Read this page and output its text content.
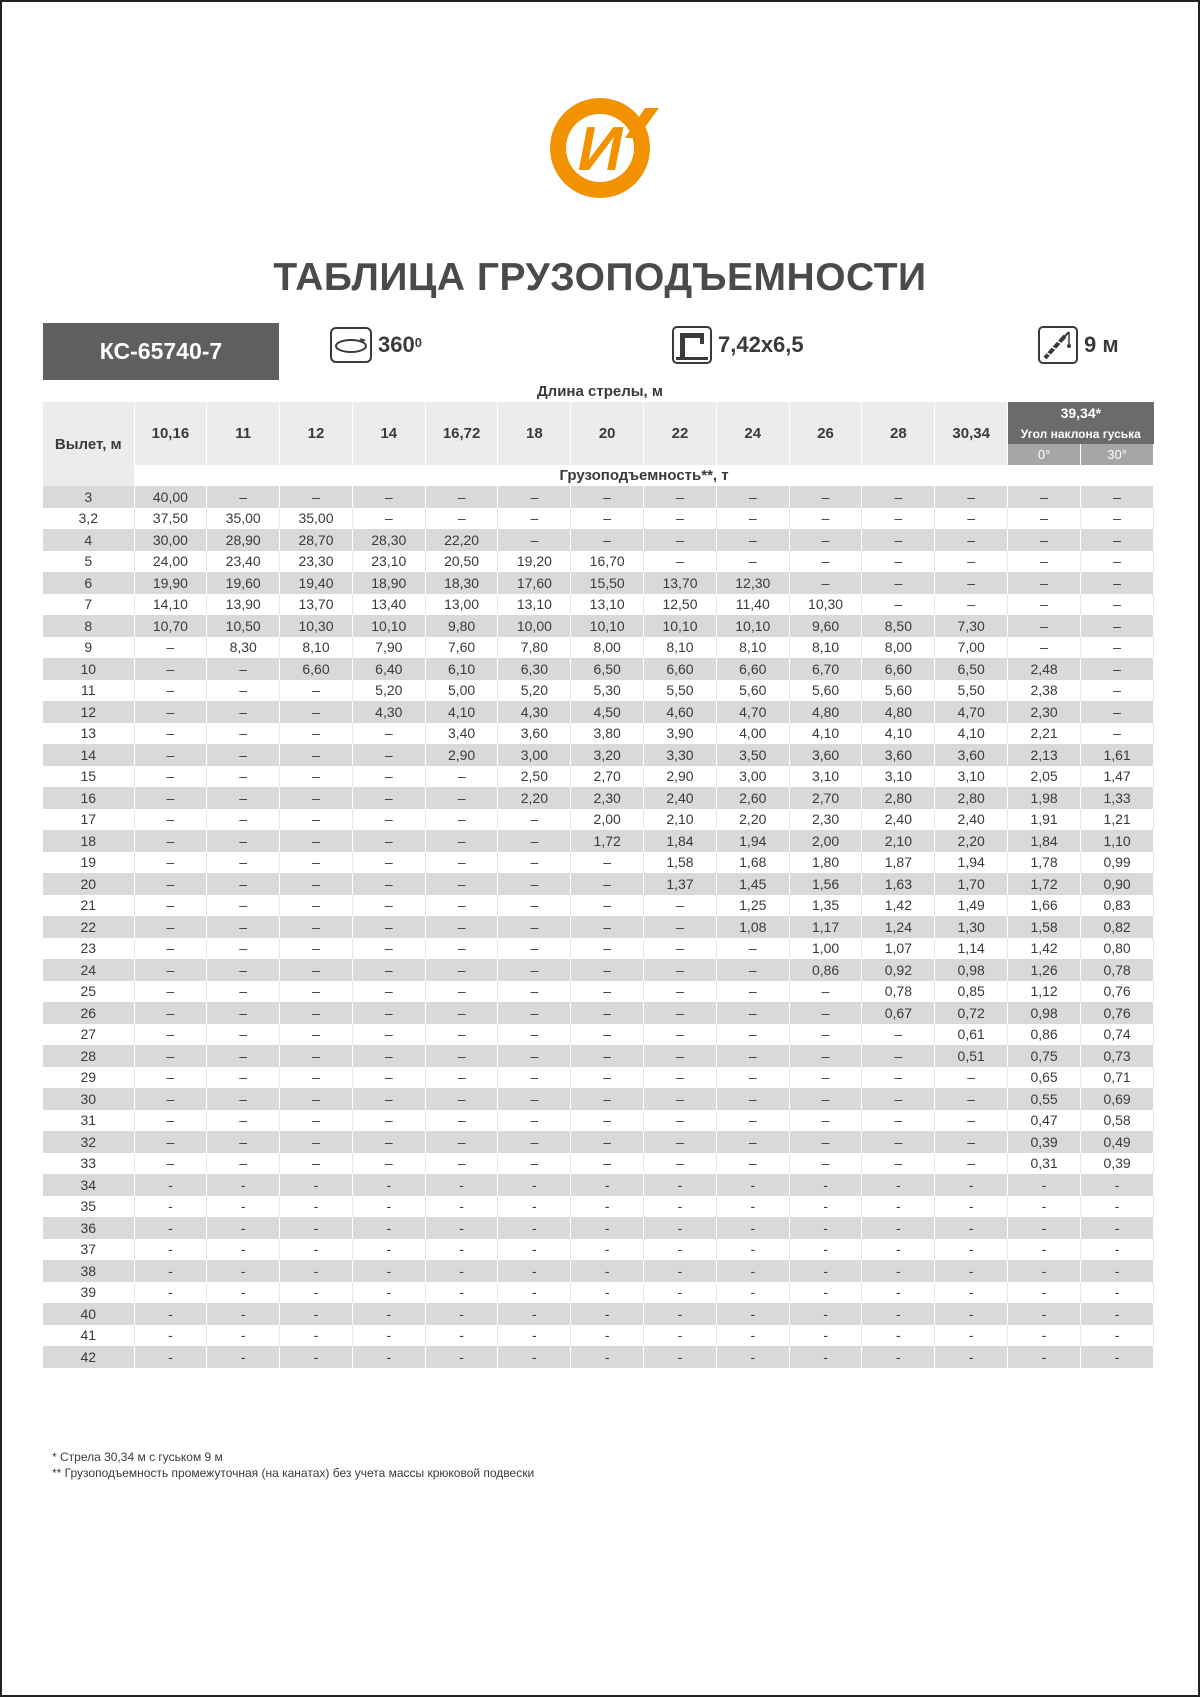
И
ТАБЛИЦА ГРУЗОПОДЪЕМНОСТИ
КС-65740-7	$360^0$	7,42x6,5	9 м
Длина стрелы, м
Вылет, м	10,16	11	12	14	16,72	18	20	22	24	26	28	30,34	39,34*	
													Угол наклона гуська	
													0°	30°
	Грузоподъемность**, т													
3	40,00	–	–	–	–	–	–	–	–	–	–	–	–	–
3,2	37,50	35,00	35,00	–	–	–	–	–	–	–	–	–	–	–
4	30,00	28,90	28,70	28,30	22,20	–	–	–	–	–	–	–	–	–
5	24,00	23,40	23,30	23,10	20,50	19,20	16,70	–	–	–	–	–	–	–
6	19,90	19,60	19,40	18,90	18,30	17,60	15,50	13,70	12,30	–	–	–	–	–
7	14,10	13,90	13,70	13,40	13,00	13,10	13,10	12,50	11,40	10,30	–	–	–	–
8	10,70	10,50	10,30	10,10	9,80	10,00	10,10	10,10	10,10	9,60	8,50	7,30	–	–
9	–	8,30	8,10	7,90	7,60	7,80	8,00	8,10	8,10	8,10	8,00	7,00	–	–
10	–	–	6,60	6,40	6,10	6,30	6,50	6,60	6,60	6,70	6,60	6,50	2,48	–
11	–	–	–	5,20	5,00	5,20	5,30	5,50	5,60	5,60	5,60	5,50	2,38	–
12	–	–	–	4,30	4,10	4,30	4,50	4,60	4,70	4,80	4,80	4,70	2,30	–
13	–	–	–	–	3,40	3,60	3,80	3,90	4,00	4,10	4,10	4,10	2,21	–
14	–	–	–	–	2,90	3,00	3,20	3,30	3,50	3,60	3,60	3,60	2,13	1,61
15	–	–	–	–	–	2,50	2,70	2,90	3,00	3,10	3,10	3,10	2,05	1,47
16	–	–	–	–	–	2,20	2,30	2,40	2,60	2,70	2,80	2,80	1,98	1,33
17	–	–	–	–	–	–	2,00	2,10	2,20	2,30	2,40	2,40	1,91	1,21
18	–	–	–	–	–	–	1,72	1,84	1,94	2,00	2,10	2,20	1,84	1,10
19	–	–	–	–	–	–	–	1,58	1,68	1,80	1,87	1,94	1,78	0,99
20	–	–	–	–	–	–	–	1,37	1,45	1,56	1,63	1,70	1,72	0,90
21	–	–	–	–	–	–	–	–	1,25	1,35	1,42	1,49	1,66	0,83
22	–	–	–	–	–	–	–	–	1,08	1,17	1,24	1,30	1,58	0,82
23	–	–	–	–	–	–	–	–	–	1,00	1,07	1,14	1,42	0,80
24	–	–	–	–	–	–	–	–	–	0,86	0,92	0,98	1,26	0,78
25	–	–	–	–	–	–	–	–	–	–	0,78	0,85	1,12	0,76
26	–	–	–	–	–	–	–	–	–	–	0,67	0,72	0,98	0,76
27	–	–	–	–	–	–	–	–	–	–	–	0,61	0,86	0,74
28	–	–	–	–	–	–	–	–	–	–	–	0,51	0,75	0,73
29	–	–	–	–	–	–	–	–	–	–	–	–	0,65	0,71
30	–	–	–	–	–	–	–	–	–	–	–	–	0,55	0,69
31	–	–	–	–	–	–	–	–	–	–	–	–	0,47	0,58
32	–	–	–	–	–	–	–	–	–	–	–	–	0,39	0,49
33	–	–	–	–	–	–	–	–	–	–	–	–	0,31	0,39
34	-	-	-	-	-	-	-	-	-	-	-	-	-	-
35	-	-	-	-	-	-	-	-	-	-	-	-	-	-
36	-	-	-	-	-	-	-	-	-	-	-	-	-	-
37	-	-	-	-	-	-	-	-	-	-	-	-	-	-
38	-	-	-	-	-	-	-	-	-	-	-	-	-	-
39	-	-	-	-	-	-	-	-	-	-	-	-	-	-
40	-	-	-	-	-	-	-	-	-	-	-	-	-	-
41	-	-	-	-	-	-	-	-	-	-	-	-	-	-
42	-	-	-	-	-	-	-	-	-	-	-	-	-	-
* Стрела 30,34 м с гуськом 9 м
** Грузоподъемность промежуточная (на канатах) без учета массы крюковой подвески
